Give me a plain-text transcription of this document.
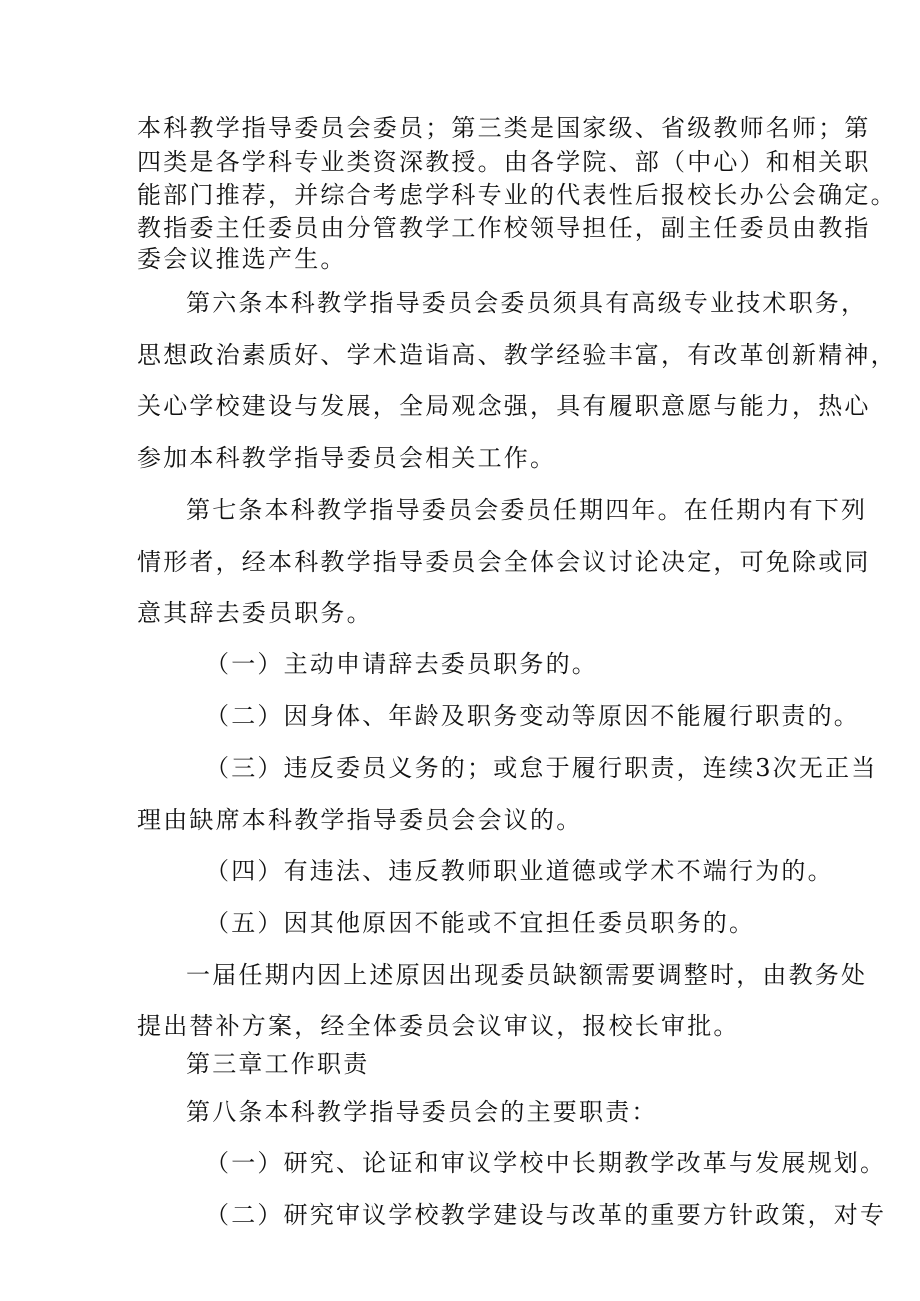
本科教学指导委员会委员；第三类是国家级、省级教师名师；第
四类是各学科专业类资深教授。由各学院、部（中心）和相关职
能部门推荐，并综合考虑学科专业的代表性后报校长办公会确定。
教指委主任委员由分管教学工作校领导担任，副主任委员由教指
委会议推选产生。
第六条本科教学指导委员会委员须具有高级专业技术职务，
思想政治素质好、学术造诣高、教学经验丰富，有改革创新精神，
关心学校建设与发展，全局观念强，具有履职意愿与能力，热心
参加本科教学指导委员会相关工作。
第七条本科教学指导委员会委员任期四年。在任期内有下列
情形者，经本科教学指导委员会全体会议讨论决定，可免除或同
意其辞去委员职务。
（一）主动申请辞去委员职务的。
（二）因身体、年龄及职务变动等原因不能履行职责的。
（三）违反委员义务的；或怠于履行职责，连续3次无正当
理由缺席本科教学指导委员会会议的。
（四）有违法、违反教师职业道德或学术不端行为的。
（五）因其他原因不能或不宜担任委员职务的。
一届任期内因上述原因出现委员缺额需要调整时，由教务处
提出替补方案，经全体委员会议审议，报校长审批。
第三章工作职责
第八条本科教学指导委员会的主要职责：
（一）研究、论证和审议学校中长期教学改革与发展规划。
（二）研究审议学校教学建设与改革的重要方针政策，对专
